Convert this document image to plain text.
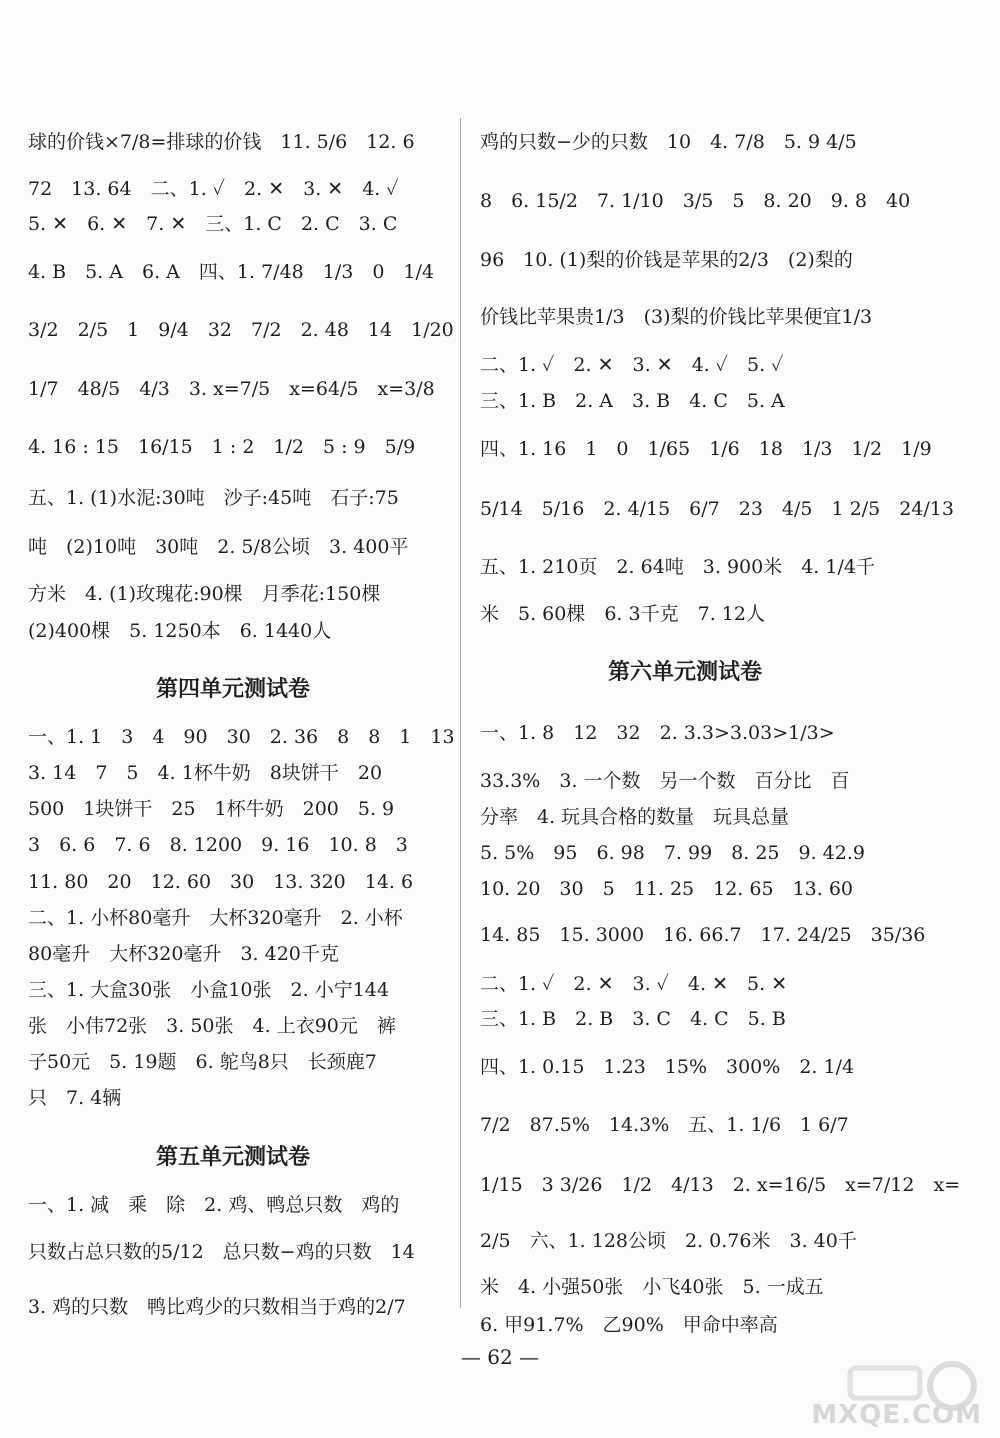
球的价钱×7/8=排球的价钱　11. 5/6　12. 6
72　13. 64　二、1. ✓　2. ✕　3. ✕　4. ✓
5. ✕　6. ✕　7. ✕　三、1. C　2. C　3. C
4. B　5. A　6. A　四、1. 7/48　1/3　0　1/4
3/2　2/5　1　9/4　32　7/2　2. 48　14　1/20
1/7　48/5　4/3　3. x=7/5　x=64/5　x=3/8
4. 16 : 15　16/15　1 : 2　1/2　5 : 9　5/9
五、1. (1)水泥:30吨　沙子:45吨　石子:75
吨　(2)10吨　30吨　2. 5/8公顷　3. 400平
方米　4. (1)玫瑰花:90棵　月季花:150棵
(2)400棵　5. 1250本　6. 1440人
第四单元测试卷
一、1. 1　3　4　90　30　2. 36　8　8　1　13
3. 14　7　5　4. 1杯牛奶　8块饼干　20
500　1块饼干　25　1杯牛奶　200　5. 9
3　6. 6　7. 6　8. 1200　9. 16　10. 8　3
11. 80　20　12. 60　30　13. 320　14. 6
二、1. 小杯80毫升　大杯320毫升　2. 小杯
80毫升　大杯320毫升　3. 420千克
三、1. 大盒30张　小盒10张　2. 小宁144
张　小伟72张　3. 50张　4. 上衣90元　裤
子50元　5. 19题　6. 鸵鸟8只　长颈鹿7
只　7. 4辆
第五单元测试卷
一、1. 减　乘　除　2. 鸡、鸭总只数　鸡的
只数占总只数的5/12　总只数−鸡的只数　14
3. 鸡的只数　鸭比鸡少的只数相当于鸡的2/7
鸡的只数−少的只数　10　4. 7/8　5. 9 4/5
8　6. 15/2　7. 1/10　3/5　5　8. 20　9. 8　40
96　10. (1)梨的价钱是苹果的2/3　(2)梨的
价钱比苹果贵1/3　(3)梨的价钱比苹果便宜1/3
二、1. ✓　2. ✕　3. ✕　4. ✓　5. ✓
三、1. B　2. A　3. B　4. C　5. A
四、1. 16　1　0　1/65　1/6　18　1/3　1/2　1/9
5/14　5/16　2. 4/15　6/7　23　4/5　1 2/5　24/13
五、1. 210页　2. 64吨　3. 900米　4. 1/4千
米　5. 60棵　6. 3千克　7. 12人
第六单元测试卷
一、1. 8　12　32　2. 3.3>3.03>1/3>
33.3%　3. 一个数　另一个数　百分比　百
分率　4. 玩具合格的数量　玩具总量
5. 5%　95　6. 98　7. 99　8. 25　9. 42.9
10. 20　30　5　11. 25　12. 65　13. 60
14. 85　15. 3000　16. 66.7　17. 24/25　35/36
二、1. ✓　2. ✕　3. ✓　4. ✕　5. ✕
三、1. B　2. B　3. C　4. C　5. B
四、1. 0.15　1.23　15%　300%　2. 1/4
7/2　87.5%　14.3%　五、1. 1/6　1 6/7
1/15　3 3/26　1/2　4/13　2. x=16/5　x=7/12　x=
2/5　六、1. 128公顷　2. 0.76米　3. 40千
米　4. 小强50张　小飞40张　5. 一成五
6. 甲91.7%　乙90%　甲命中率高
— 62 —
MXQE.COM
